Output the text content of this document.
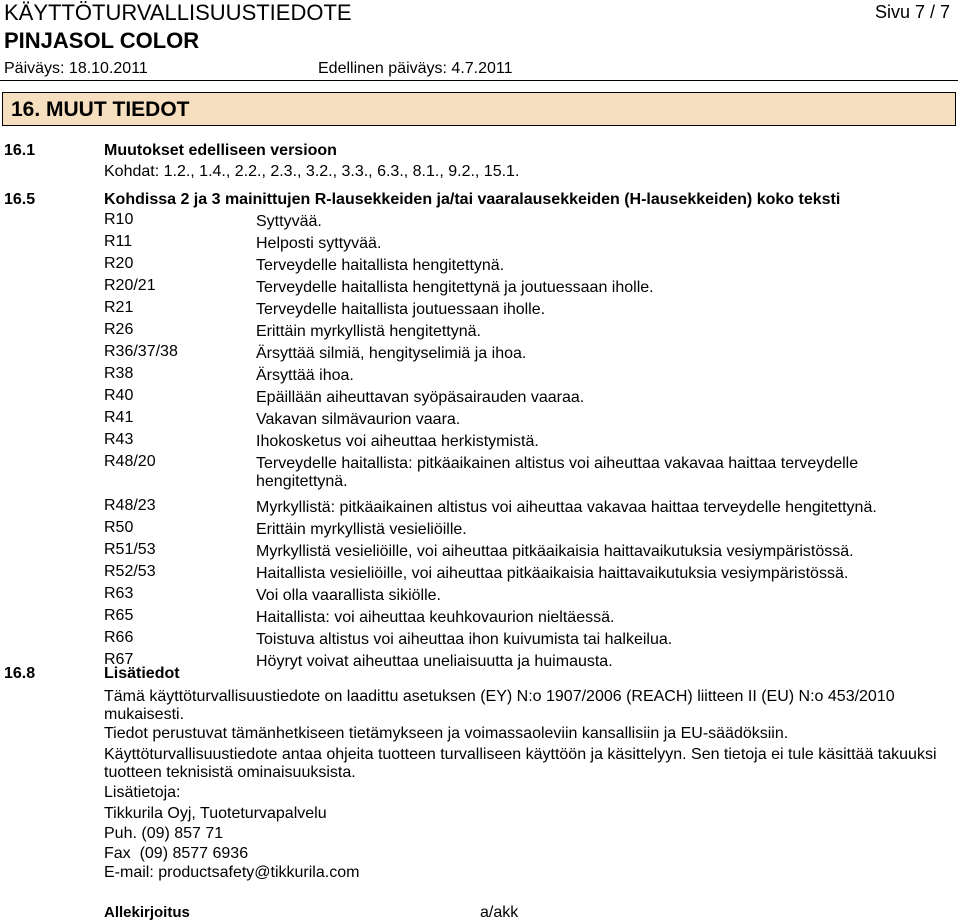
KÄYTTÖTURVALLISUUSTIEDOTE	Sivu 7 / 7
PINJASOL COLOR
Päiväys: 18.10.2011	Edellinen päiväys: 4.7.2011
16. MUUT TIEDOT
16.1	Muutokset edelliseen versioon
Kohdat: 1.2., 1.4., 2.2., 2.3., 3.2., 3.3., 6.3., 8.1., 9.2., 15.1.
16.5	Kohdissa 2 ja 3 mainittujen R-lausekkeiden ja/tai vaaralausekkeiden (H-lausekkeiden) koko teksti
R10	Syttyvää.
R11	Helposti syttyvää.
R20	Terveydelle haitallista hengitettynä.
R20/21	Terveydelle haitallista hengitettynä ja joutuessaan iholle.
R21	Terveydelle haitallista joutuessaan iholle.
R26	Erittäin myrkyllistä hengitettynä.
R36/37/38	Ärsyttää silmiä, hengityselimiä ja ihoa.
R38	Ärsyttää ihoa.
R40	Epäillään aiheuttavan syöpäsairauden vaaraa.
R41	Vakavan silmävaurion vaara.
R43	Ihokosketus voi aiheuttaa herkistymistä.
R48/20	Terveydelle haitallista: pitkäaikainen altistus voi aiheuttaa vakavaa haittaa terveydelle hengitettynä.
R48/23	Myrkyllistä: pitkäaikainen altistus voi aiheuttaa vakavaa haittaa terveydelle hengitettynä.
R50	Erittäin myrkyllistä vesieliöille.
R51/53	Myrkyllistä vesieliöille, voi aiheuttaa pitkäaikaisia haittavaikutuksia vesiympäristössä.
R52/53	Haitallista vesieliöille, voi aiheuttaa pitkäaikaisia haittavaikutuksia vesiympäristössä.
R63	Voi olla vaarallista sikiölle.
R65	Haitallista: voi aiheuttaa keuhkovaurion nieltäessä.
R66	Toistuva altistus voi aiheuttaa ihon kuivumista tai halkeilua.
R67	Höyryt voivat aiheuttaa uneliaisuutta ja huimausta.
16.8	Lisätiedot
Tämä käyttöturvallisuustiedote on laadittu asetuksen (EY) N:o 1907/2006 (REACH) liitteen II (EU) N:o 453/2010 mukaisesti.
Tiedot perustuvat tämänhetkiseen tietämykseen ja voimassaoleviin kansallisiin ja EU-säädöksiin.
Käyttöturvallisuustiedote antaa ohjeita tuotteen turvalliseen käyttöön ja käsittelyyn. Sen tietoja ei tule käsittää takuuksi tuotteen teknisistä ominaisuuksista.
Lisätietoja:
Tikkurila Oyj, Tuoteturvapalvelu
Puh. (09) 857 71
Fax  (09) 8577 6936
E-mail: productsafety@tikkurila.com
Allekirjoitus	a/akk
